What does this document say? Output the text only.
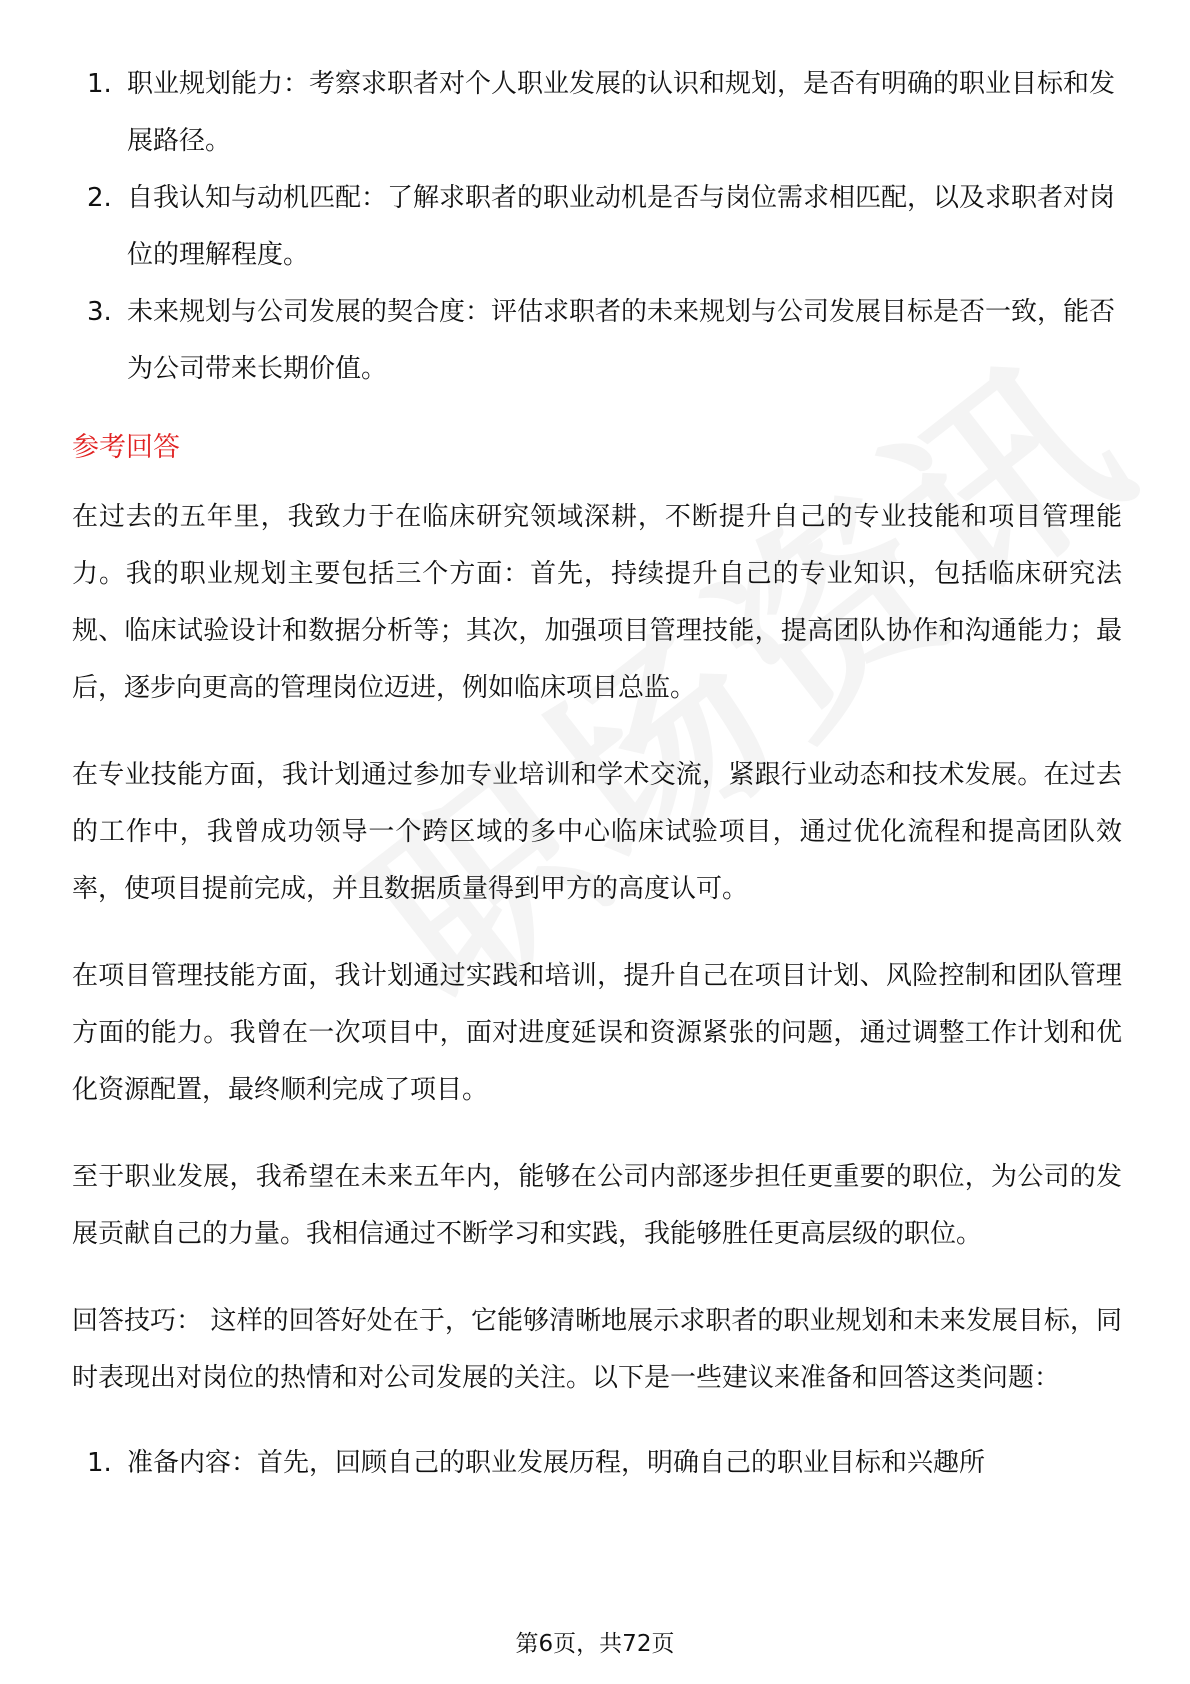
1. 职业规划能力：考察求职者对个人职业发展的认识和规划，是否有明确的职业目标和发展路径。
2. 自我认知与动机匹配：了解求职者的职业动机是否与岗位需求相匹配，以及求职者对岗位的理解程度。
3. 未来规划与公司发展的契合度：评估求职者的未来规划与公司发展目标是否一致，能否为公司带来长期价值。
参考回答

在过去的五年里，我致力于在临床研究领域深耕，不断提升自己的专业技能和项目管理能力。我的职业规划主要包括三个方面：首先，持续提升自己的专业知识，包括临床研究法规、临床试验设计和数据分析等；其次，加强项目管理技能，提高团队协作和沟通能力；最后，逐步向更高的管理岗位迈进，例如临床项目总监。

在专业技能方面，我计划通过参加专业培训和学术交流，紧跟行业动态和技术发展。在过去的工作中，我曾成功领导一个跨区域的多中心临床试验项目，通过优化流程和提高团队效率，使项目提前完成，并且数据质量得到甲方的高度认可。

在项目管理技能方面，我计划通过实践和培训，提升自己在项目计划、风险控制和团队管理方面的能力。我曾在一次项目中，面对进度延误和资源紧张的问题，通过调整工作计划和优化资源配置，最终顺利完成了项目。

至于职业发展，我希望在未来五年内，能够在公司内部逐步担任更重要的职位，为公司的发展贡献自己的力量。我相信通过不断学习和实践，我能够胜任更高层级的职位。

回答技巧： 这样的回答好处在于，它能够清晰地展示求职者的职业规划和未来发展目标，同时表现出对岗位的热情和对公司发展的关注。以下是一些建议来准备和回答这类问题：

1. 准备内容：首先，回顾自己的职业发展历程，明确自己的职业目标和兴趣所
第6页，共72页
